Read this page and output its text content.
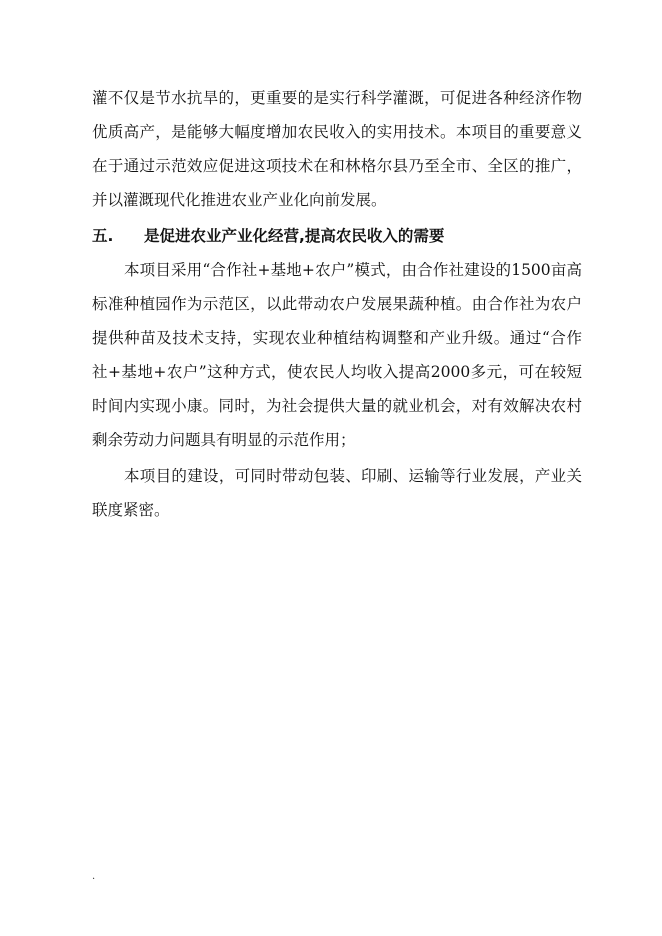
灌不仅是节水抗旱的，更重要的是实行科学灌溉，可促进各种经济作物
优质高产，是能够大幅度增加农民收入的实用技术。本项目的重要意义
在于通过示范效应促进这项技术在和林格尔县乃至全市、全区的推广，
并以灌溉现代化推进农业产业化向前发展。
五. 是促进农业产业化经营,提高农民收入的需要
本项目采用“合作社+基地+农户”模式，由合作社建设的1500亩高
标准种植园作为示范区，以此带动农户发展果蔬种植。由合作社为农户
提供种苗及技术支持，实现农业种植结构调整和产业升级。通过“合作
社+基地+农户”这种方式，使农民人均收入提高2000多元，可在较短
时间内实现小康。同时，为社会提供大量的就业机会，对有效解决农村
剩余劳动力问题具有明显的示范作用；
本项目的建设，可同时带动包装、印刷、运输等行业发展，产业关
联度紧密。
.
